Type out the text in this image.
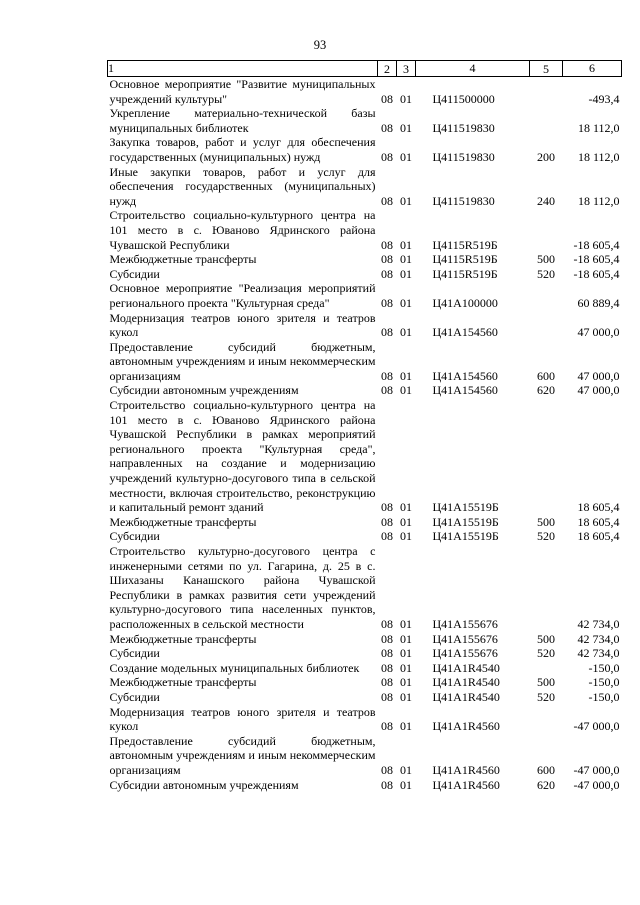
93
1	2	3	4	5	6
Основное мероприятие "Развитие муниципальных учреждений культуры"	08	01	Ц411500000		-493,4
Укрепление материально-технической базы муниципальных библиотек	08	01	Ц411519830		18 112,0
Закупка товаров, работ и услуг для обеспечения государственных (муниципальных) нужд	08	01	Ц411519830	200	18 112,0
Иные закупки товаров, работ и услуг для обеспечения государственных (муниципальных) нужд	08	01	Ц411519830	240	18 112,0
Строительство социально-культурного центра на 101 место в с. Юваново Ядринского района Чувашской Республики	08	01	Ц4115R519Б		-18 605,4
Межбюджетные трансферты	08	01	Ц4115R519Б	500	-18 605,4
Субсидии	08	01	Ц4115R519Б	520	-18 605,4
Основное мероприятие "Реализация мероприятий регионального проекта "Культурная среда"	08	01	Ц41А100000		60 889,4
Модернизация театров юного зрителя и театров кукол	08	01	Ц41А154560		47 000,0
Предоставление субсидий бюджетным, автономным учреждениям и иным некоммерческим организациям	08	01	Ц41А154560	600	47 000,0
Субсидии автономным учреждениям	08	01	Ц41А154560	620	47 000,0
Строительство социально-культурного центра на 101 место в с. Юваново Ядринского района Чувашской Республики в рамках мероприятий регионального проекта "Культурная среда", направленных на создание и модернизацию учреждений культурно-досугового типа в сельской местности, включая строительство, реконструкцию и капитальный ремонт зданий	08	01	Ц41А15519Б		18 605,4
Межбюджетные трансферты	08	01	Ц41А15519Б	500	18 605,4
Субсидии	08	01	Ц41А15519Б	520	18 605,4
Строительство культурно-досугового центра с инженерными сетями по ул. Гагарина, д. 25 в с. Шихазаны Канашского района Чувашской Республики в рамках развития сети учреждений культурно-досугового типа населенных пунктов, расположенных в сельской местности	08	01	Ц41А155676		42 734,0
Межбюджетные трансферты	08	01	Ц41А155676	500	42 734,0
Субсидии	08	01	Ц41А155676	520	42 734,0
Создание модельных муниципальных библиотек	08	01	Ц41А1R4540		-150,0
Межбюджетные трансферты	08	01	Ц41А1R4540	500	-150,0
Субсидии	08	01	Ц41А1R4540	520	-150,0
Модернизация театров юного зрителя и театров кукол	08	01	Ц41А1R4560		-47 000,0
Предоставление субсидий бюджетным, автономным учреждениям и иным некоммерческим организациям	08	01	Ц41А1R4560	600	-47 000,0
Субсидии автономным учреждениям	08	01	Ц41А1R4560	620	-47 000,0
